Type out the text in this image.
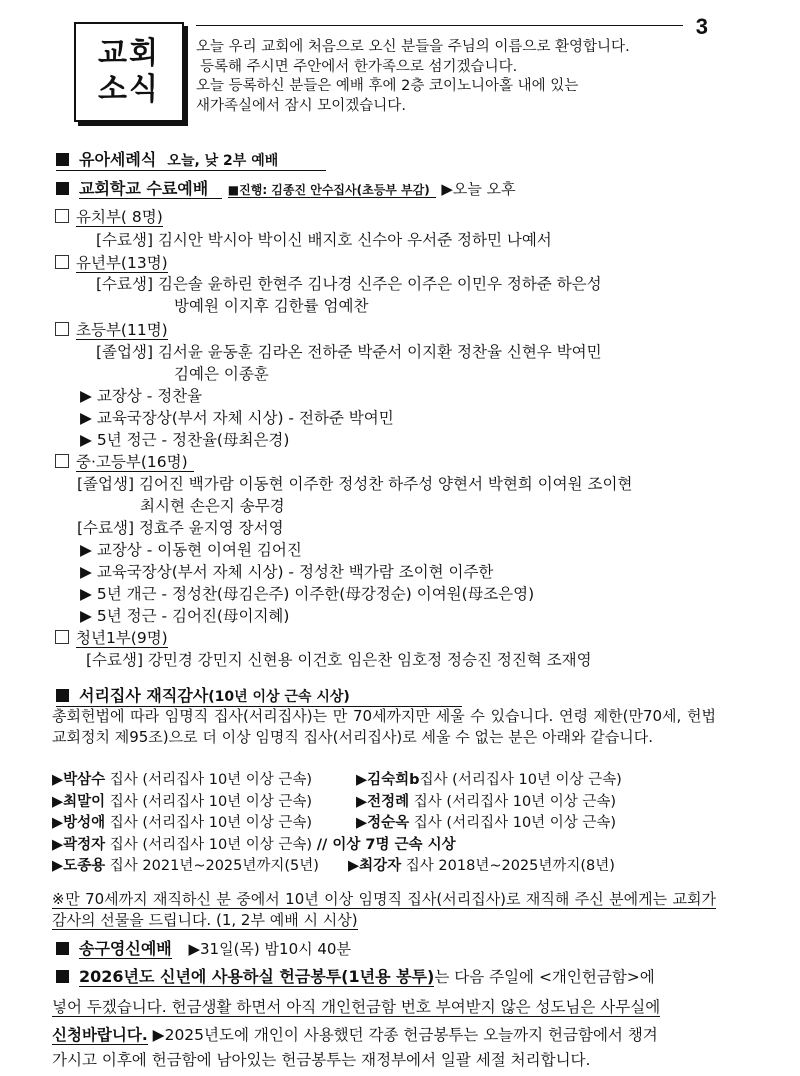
3
교회
소식
오늘 우리 교회에 처음으로 오신 분들을 주님의 이름으로 환영합니다.
등록해 주시면 주안에서 한가족으로 섬기겠습니다.
오늘 등록하신 분들은 예배 후에 2층 코이노니아홀 내에 있는
새가족실에서 잠시 모이겠습니다.
유아세례식 오늘, 낮 2부 예배
교회학교 수료예배 ■진행: 김종진 안수집사(초등부 부감) ▶오늘 오후
유치부( 8명)
[수료생] 김시안 박시아 박이신 배지호 신수아 우서준 정하민 나예서
유년부(13명)
[수료생] 김은솔 윤하린 한현주 김나경 신주은 이주은 이민우 정하준 하은성
방예원 이지후 김한률 엄예찬
초등부(11명)
[졸업생] 김서윤 윤동훈 김라온 전하준 박준서 이지환 정찬율 신현우 박여민
김예은 이종훈
▶ 교장상 - 정찬율
▶ 교육국장상(부서 자체 시상) - 전하준 박여민
▶ 5년 정근 - 정찬율(母최은경)
중·고등부(16명)
[졸업생] 김어진 백가람 이동현 이주한 정성찬 하주성 양현서 박현희 이여원 조이현
최시현 손은지 송무경
[수료생] 정효주 윤지영 장서영
▶ 교장상 - 이동현 이여원 김어진
▶ 교육국장상(부서 자체 시상) - 정성찬 백가람 조이현 이주한
▶ 5년 개근 - 정성찬(母김은주) 이주한(母강정순) 이여원(母조은영)
▶ 5년 정근 - 김어진(母이지혜)
청년1부(9명)
[수료생] 강민경 강민지 신현용 이건호 임은찬 임호정 정승진 정진혁 조재영
서리집사 재직감사(10년 이상 근속 시상)
총회헌법에 따라 임명직 집사(서리집사)는 만 70세까지만 세울 수 있습니다. 연령 제한(만70세, 헌법 교회정치 제95조)으로 더 이상 임명직 집사(서리집사)로 세울 수 없는 분은 아래와 같습니다.
▶박삼수 집사 (서리집사 10년 이상 근속)	▶김숙희b집사 (서리집사 10년 이상 근속)
▶최말이 집사 (서리집사 10년 이상 근속)	▶전정례 집사 (서리집사 10년 이상 근속)
▶방성애 집사 (서리집사 10년 이상 근속)	▶정순옥 집사 (서리집사 10년 이상 근속)
▶곽정자 집사 (서리집사 10년 이상 근속) // 이상 7명 근속 시상
▶도종용 집사 2021년~2025년까지(5년) ▶최강자 집사 2018년~2025년까지(8년)
※만 70세까지 재직하신 분 중에서 10년 이상 임명직 집사(서리집사)로 재직해 주신 분에게는 교회가 감사의 선물을 드립니다. (1, 2부 예배 시 시상)
송구영신예배 ▶31일(목) 밤10시 40분
2026년도 신년에 사용하실 헌금봉투(1년용 봉투)는 다음 주일에 <개인헌금함>에
넣어 두겠습니다. 헌금생활 하면서 아직 개인헌금함 번호 부여받지 않은 성도님은 사무실에
신청바랍니다. ▶2025년도에 개인이 사용했던 각종 헌금봉투는 오늘까지 헌금함에서 챙겨
가시고 이후에 헌금함에 남아있는 헌금봉투는 재정부에서 일괄 세절 처리합니다.
